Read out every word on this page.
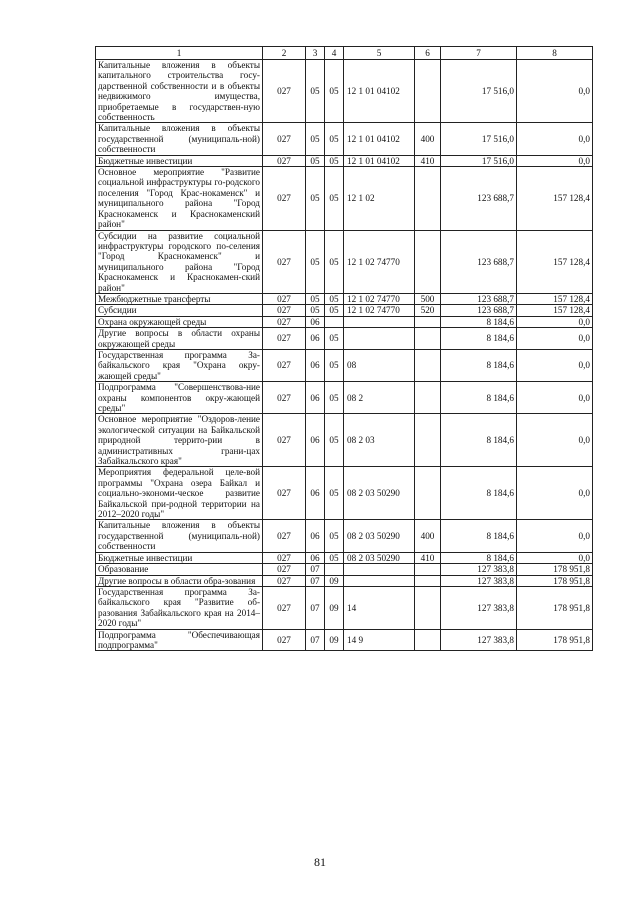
1	2	3	4	5	6	7	8
Капитальные вложения в объекты капитального строительства госу-дарственной собственности и в объекты недвижимого имущества, приобретаемые в государствен-ную собственность	027	05	05	12 1 01 04102		17 516,0	0,0
Капитальные вложения в объекты государственной (муниципаль-ной) собственности	027	05	05	12 1 01 04102	400	17 516,0	0,0
Бюджетные инвестиции	027	05	05	12 1 01 04102	410	17 516,0	0,0
Основное мероприятие "Развитие социальной инфраструктуры го-родского поселения "Город Крас-нокаменск" и муниципального района "Город Краснокаменск и Краснокаменский район"	027	05	05	12 1 02		123 688,7	157 128,4
Субсидии на развитие социальной инфраструктуры городского по-селения "Город Краснокаменск" и муниципального района "Город Краснокаменск и Краснокамен-ский район"	027	05	05	12 1 02 74770		123 688,7	157 128,4
Межбюджетные трансферты	027	05	05	12 1 02 74770	500	123 688,7	157 128,4
Субсидии	027	05	05	12 1 02 74770	520	123 688,7	157 128,4
Охрана окружающей среды	027	06				8 184,6	0,0
Другие вопросы в области охраны окружающей среды	027	06	05			8 184,6	0,0
Государственная программа За-байкальского края "Охрана окру-жающей среды"	027	06	05	08		8 184,6	0,0
Подпрограмма "Совершенствова-ние охраны компонентов окру-жающей среды"	027	06	05	08 2		8 184,6	0,0
Основное мероприятие "Оздоров-ление экологической ситуации на Байкальской природной террито-рии в административных грани-цах Забайкальского края"	027	06	05	08 2 03		8 184,6	0,0
Мероприятия федеральной целе-вой программы "Охрана озера Байкал и социально-экономи-ческое развитие Байкальской при-родной территории на 2012–2020 годы"	027	06	05	08 2 03 50290		8 184,6	0,0
Капитальные вложения в объекты государственной (муниципаль-ной) собственности	027	06	05	08 2 03 50290	400	8 184,6	0,0
Бюджетные инвестиции	027	06	05	08 2 03 50290	410	8 184,6	0,0
Образование	027	07				127 383,8	178 951,8
Другие вопросы в области обра-зования	027	07	09			127 383,8	178 951,8
Государственная программа За-байкальского края "Развитие об-разования Забайкальского края на 2014–2020 годы"	027	07	09	14		127 383,8	178 951,8
Подпрограмма "Обеспечивающая подпрограмма"	027	07	09	14 9		127 383,8	178 951,8
81
